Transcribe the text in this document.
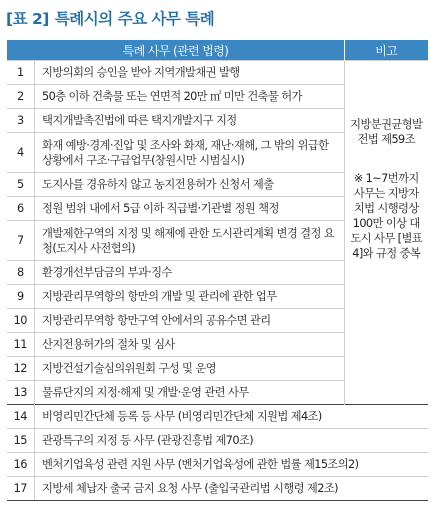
[표 2] 특례시의 주요 사무 특례
특례 사무 (관련 법령)		비고
1	지방의회의 승인을 받아 지역개발채권 발행	지방분권균형발전법 제59조
※ 1~7번까지 사무는 지방자치법 시행령상 100만 이상 대도시 사무 [별표 4]와 규정 중복

2	50층 이하 건축물 또는 연면적 20만 ㎡ 미만 건축물 허가	
3	택지개발촉진법에 따른 택지개발지구 지정	
4	화재 예방·경계·진압 및 조사와 화재, 재난·재해, 그 밖의 위급한 상황에서 구조·구급업무(창원시만 시범실시)	
5	도지사를 경유하지 않고 농지전용허가 신청서 제출	
6	정원 범위 내에서 5급 이하 직급별·기관별 정원 책정	
7	개발제한구역의 지정 및 해제에 관한 도시관리계획 변경 결정 요청(도지사 사전협의)	
8	환경개선부담금의 부과·징수	
9	지방관리무역항의 항만의 개발 및 관리에 관한 업무	
10	지방관리무역항 항만구역 안에서의 공유수면 관리	
11	산지전용허가의 절차 및 심사	
12	지방건설기술심의위원회 구성 및 운영	
13	물류단지의 지정·해제 및 개발·운영 관련 사무	
14	비영리민간단체 등록 등 사무 (비영리민간단체 지원법 제4조)	
15	관광특구의 지정 등 사무 (관광진흥법 제70조)	
16	벤처기업육성 관련 지원 사무 (벤처기업육성에 관한 법률 제15조의2)	
17	지방세 체납자 출국 금지 요청 사무 (출입국관리법 시행령 제2조)	
